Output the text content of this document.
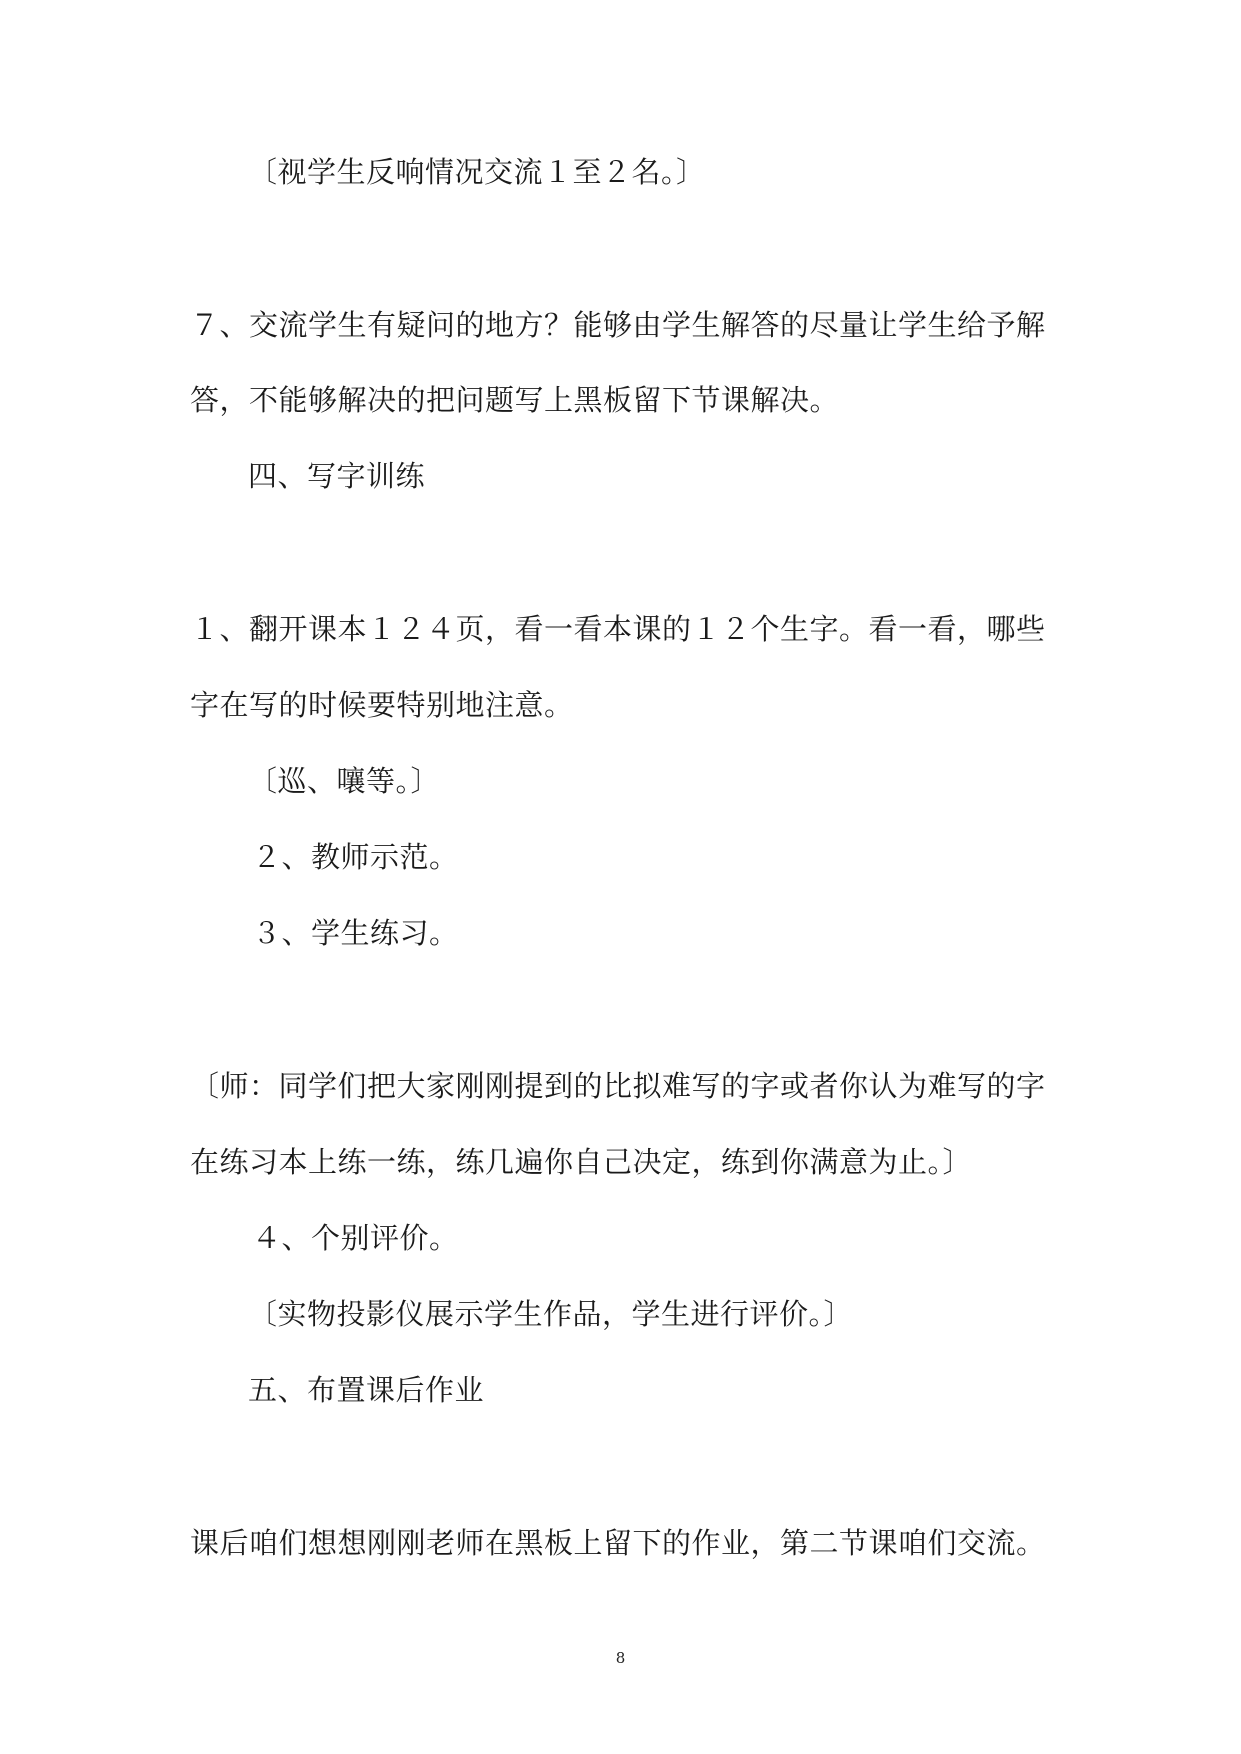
〔视学生反响情况交流１至２名。〕

７、交流学生有疑问的地方？能够由学生解答的尽量让学生给予解

答，不能够解决的把问题写上黑板留下节课解决。

四、写字训练

１、翻开课本１２４页，看一看本课的１２个生字。看一看，哪些

字在写的时候要特别地注意。

〔巡、嚷等。〕

２、教师示范。

３、学生练习。

〔师：同学们把大家刚刚提到的比拟难写的字或者你认为难写的字

在练习本上练一练，练几遍你自己决定，练到你满意为止。〕

４、个别评价。

〔实物投影仪展示学生作品，学生进行评价。〕

五、布置课后作业

课后咱们想想刚刚老师在黑板上留下的作业，第二节课咱们交流。

8
